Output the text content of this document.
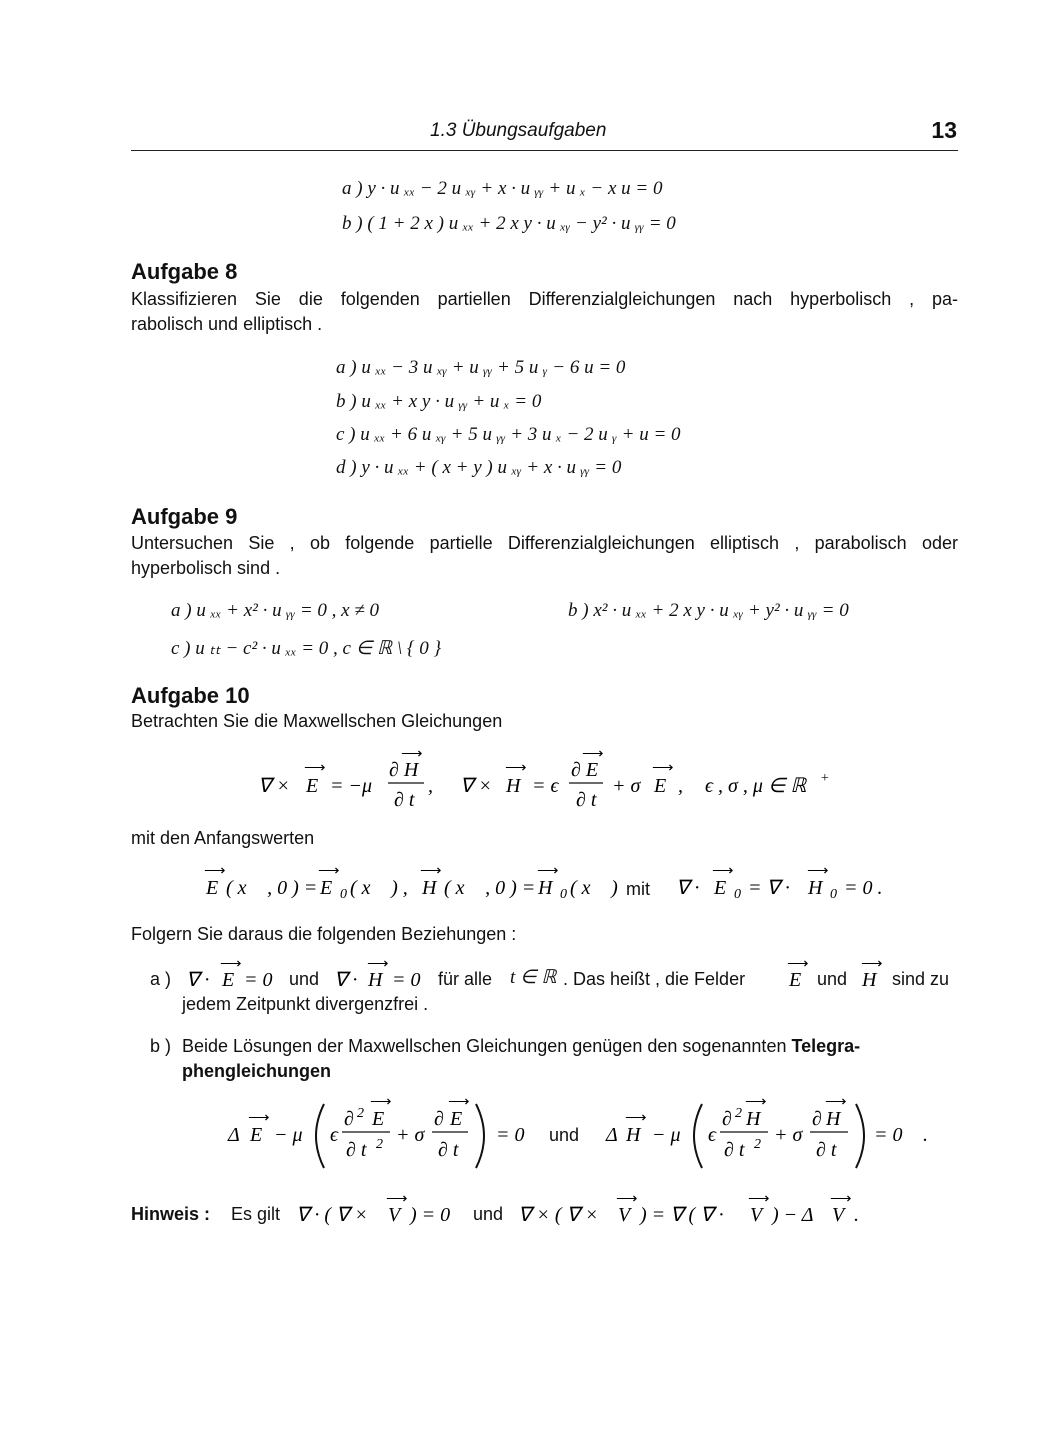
1.3 Übungsaufgaben	13
a ) y · u ₓₓ − 2 u ₓᵧ + x · u ᵧᵧ + u ₓ − x u = 0
b ) ( 1 + 2 x ) u ₓₓ + 2 x y · u ₓᵧ − y² · u ᵧᵧ = 0
Aufgabe 8
Klassifizieren Sie die folgenden partiellen Differenzialgleichungen nach hyperbolisch , pa-
rabolisch und elliptisch .
a ) u ₓₓ − 3 u ₓᵧ + u ᵧᵧ + 5 u ᵧ − 6 u = 0
b ) u ₓₓ + x y · u ᵧᵧ + u ₓ = 0
c ) u ₓₓ + 6 u ₓᵧ + 5 u ᵧᵧ + 3 u ₓ − 2 u ᵧ + u = 0
d ) y · u ₓₓ + ( x + y ) u ₓᵧ + x · u ᵧᵧ = 0
Aufgabe 9
Untersuchen Sie , ob folgende partielle Differenzialgleichungen elliptisch , parabolisch oder
hyperbolisch sind .
a ) u ₓₓ + x² · u ᵧᵧ = 0 , x ≠ 0	b ) x² · u ₓₓ + 2 x y · u ₓᵧ + y² · u ᵧᵧ = 0
c ) u ₜₜ − c² · u ₓₓ = 0 , c ∈ ℝ \ { 0 }
Aufgabe 10
Betrachten Sie die Maxwellschen Gleichungen
∇ × E
⟶
= −μ
∂ H
⟶
∂ t
, ∇ × H
⟶
= ϵ
∂ E
⟶
∂ t
+ σ E
⟶
, ϵ , σ , μ ∈ ℝ +
mit den Anfangswerten
E
⟶
( x⃗ , 0 ) = E
⟶
0 ( x⃗ ) , H
⟶
( x⃗ , 0 ) = H
⟶
0 ( x⃗ )	∇ · E
⟶
0 = ∇ · H
⟶
0 = 0 .
mit
Folgern Sie daraus die folgenden Beziehungen :
a ) ∇ · E
⟶
= 0 und ∇ · H
⟶
= 0 für alle t ∈ ℝ . Das heißt , die Felder E
⟶
und H
⟶
sind zu
jedem Zeitpunkt divergenzfrei .
b ) Beide Lösungen der Maxwellschen Gleichungen genügen den sogenannten Telegra-
phengleichungen
Δ E
⟶
− μ ϵ
∂ 2 E
⟶
∂ t 2 + σ
∂ E
⟶
∂ t
= 0⃗	Δ H
⟶
− μ ϵ
∂ 2 H
⟶
∂ t 2 + σ
∂ H
⟶
∂ t
= 0⃗ .
und
Hinweis : Es gilt ∇ · ( ∇ × V
⟶
) = 0 und ∇ × ( ∇ × V
⟶
) = ∇ ( ∇ · V
⟶
) − Δ V
⟶
.
